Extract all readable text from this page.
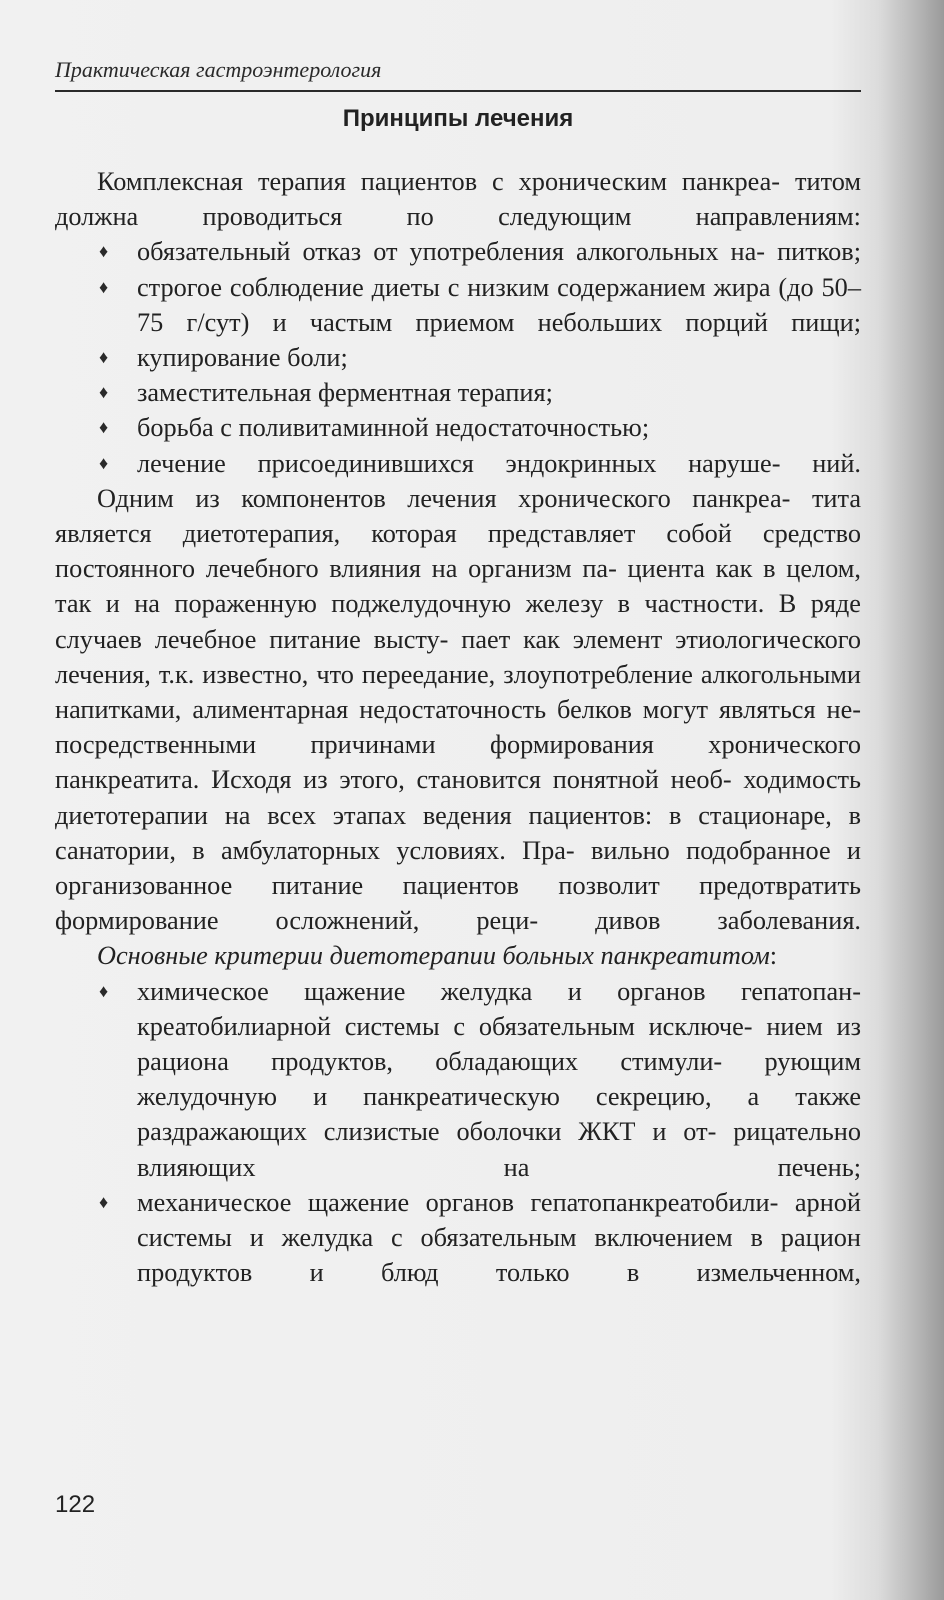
Практическая гастроэнтерология
Принципы лечения
Комплексная терапия пациентов с хроническим панкреа- титом должна проводиться по следующим направлениям:
♦ обязательный отказ от употребления алкогольных на- питков;
♦ строгое соблюдение диеты с низким содержанием жира (до 50–75 г/сут) и частым приемом небольших порций пищи;
♦ купирование боли;
♦ заместительная ферментная терапия;
♦ борьба с поливитаминной недостаточностью;
♦ лечение присоединившихся эндокринных наруше- ний.
Одним из компонентов лечения хронического панкреа- тита является диетотерапия, которая представляет собой средство постоянного лечебного влияния на организм па- циента как в целом, так и на пораженную поджелудочную железу в частности. В ряде случаев лечебное питание высту- пает как элемент этиологического лечения, т.к. известно, что переедание, злоупотребление алкогольными напитками, алиментарная недостаточность белков могут являться не- посредственными причинами формирования хронического панкреатита. Исходя из этого, становится понятной необ- ходимость диетотерапии на всех этапах ведения пациентов: в стационаре, в санатории, в амбулаторных условиях. Пра- вильно подобранное и организованное питание пациентов позволит предотвратить формирование осложнений, реци- дивов заболевания.
Основные критерии диетотерапии больных панкреатитом:
♦ химическое щажение желудка и органов гепатопан- креатобилиарной системы с обязательным исключе- нием из рациона продуктов, обладающих стимули- рующим желудочную и панкреатическую секрецию, а также раздражающих слизистые оболочки ЖКТ и от- рицательно влияющих на печень;
♦ механическое щажение органов гепатопанкреатобили- арной системы и желудка с обязательным включением в рацион продуктов и блюд только в измельченном,
122
